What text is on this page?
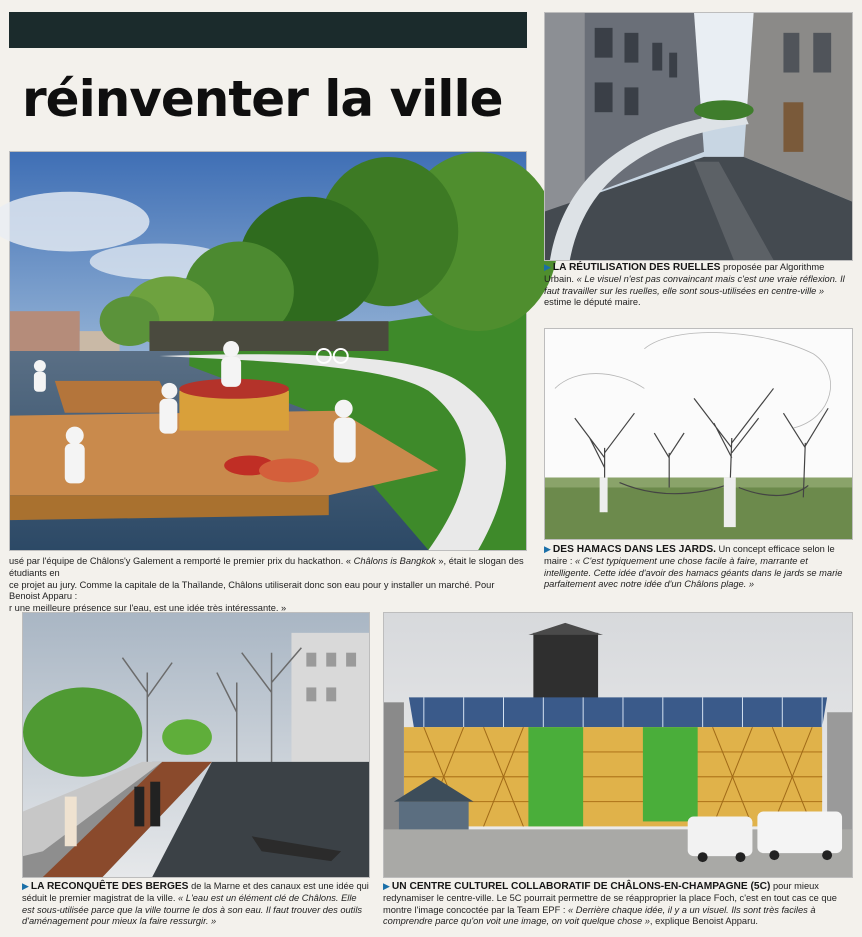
réinventer la ville
usé par l'équipe de Châlons'y Galement a remporté le premier prix du hackathon. « Châlons is Bangkok », était le slogan des étudiants en
ce projet au jury. Comme la capitale de la Thaïlande, Châlons utiliserait donc son eau pour y installer un marché. Pour Benoist Apparu :
r une meilleure présence sur l'eau, est une idée très intéressante. »
▶ LA RÉUTILISATION DES RUELLES proposée par Algorithme Urbain. « Le visuel n'est pas convaincant mais c'est une vraie réflexion. Il faut travailler sur les ruelles, elle sont sous-utilisées en centre-ville » estime le député maire.
▶ DES HAMACS DANS LES JARDS. Un concept efficace selon le maire : « C'est typiquement une chose facile à faire, marrante et intelligente. Cette idée d'avoir des hamacs géants dans le jards se marie parfaitement avec notre idée d'un Châlons plage. »
▶ LA RECONQUÊTE DES BERGES de la Marne et des canaux est une idée qui séduit le premier magistrat de la ville. « L'eau est un élément clé de Châlons. Elle est sous-utilisée parce que la ville tourne le dos à son eau. Il faut trouver des outils d'aménagement pour mieux la faire ressurgir. »
▶ UN CENTRE CULTUREL COLLABORATIF DE CHÂLONS-EN-CHAMPAGNE (5C) pour mieux redynamiser le centre-ville. Le 5C pourrait permettre de se réapproprier la place Foch, c'est en tout cas ce que montre l'image concoctée par la Team EPF : « Derrière chaque idée, il y a un visuel. Ils sont très faciles à comprendre parce qu'on voit une image, on voit quelque chose », explique Benoist Apparu.
